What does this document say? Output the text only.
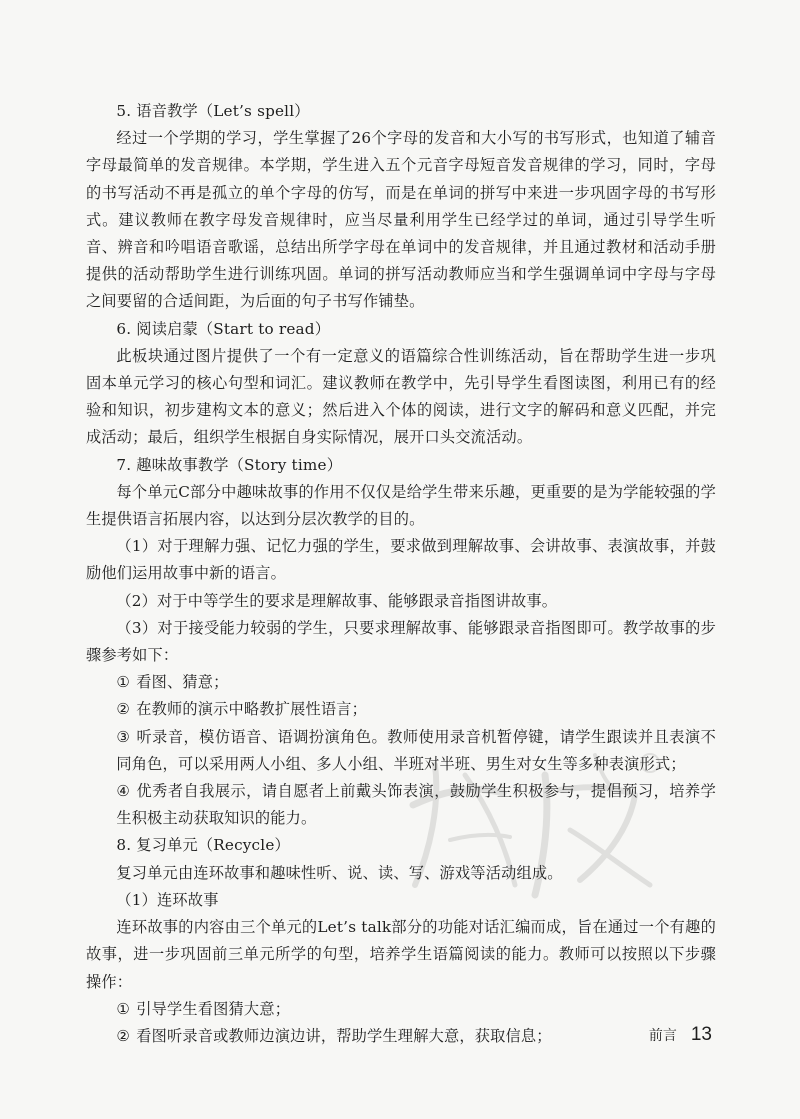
5. 语音教学（Let’s spell）

经过一个学期的学习，学生掌握了26个字母的发音和大小写的书写形式，也知道了辅音字母最简单的发音规律。本学期，学生进入五个元音字母短音发音规律的学习，同时，字母的书写活动不再是孤立的单个字母的仿写，而是在单词的拼写中来进一步巩固字母的书写形式。建议教师在教字母发音规律时，应当尽量利用学生已经学过的单词，通过引导学生听音、辨音和吟唱语音歌谣，总结出所学字母在单词中的发音规律，并且通过教材和活动手册提供的活动帮助学生进行训练巩固。单词的拼写活动教师应当和学生强调单词中字母与字母之间要留的合适间距，为后面的句子书写作铺垫。

6. 阅读启蒙（Start to read）

此板块通过图片提供了一个有一定意义的语篇综合性训练活动，旨在帮助学生进一步巩固本单元学习的核心句型和词汇。建议教师在教学中，先引导学生看图读图，利用已有的经验和知识，初步建构文本的意义；然后进入个体的阅读，进行文字的解码和意义匹配，并完成活动；最后，组织学生根据自身实际情况，展开口头交流活动。

7. 趣味故事教学（Story time）

每个单元C部分中趣味故事的作用不仅仅是给学生带来乐趣，更重要的是为学能较强的学生提供语言拓展内容，以达到分层次教学的目的。

（1）对于理解力强、记忆力强的学生，要求做到理解故事、会讲故事、表演故事，并鼓励他们运用故事中新的语言。

（2）对于中等学生的要求是理解故事、能够跟录音指图讲故事。

（3）对于接受能力较弱的学生，只要求理解故事、能够跟录音指图即可。教学故事的步骤参考如下：

① 看图、猜意；

② 在教师的演示中略教扩展性语言；

③ 听录音，模仿语音、语调扮演角色。教师使用录音机暂停键，请学生跟读并且表演不同角色，可以采用两人小组、多人小组、半班对半班、男生对女生等多种表演形式；

④ 优秀者自我展示，请自愿者上前戴头饰表演，鼓励学生积极参与，提倡预习，培养学生积极主动获取知识的能力。

8. 复习单元（Recycle）

复习单元由连环故事和趣味性听、说、读、写、游戏等活动组成。

（1）连环故事

连环故事的内容由三个单元的Let’s talk部分的功能对话汇编而成，旨在通过一个有趣的故事，进一步巩固前三单元所学的句型，培养学生语篇阅读的能力。教师可以按照以下步骤操作：

① 引导学生看图猜大意；

② 看图听录音或教师边演边讲，帮助学生理解大意，获取信息；	前言 13
